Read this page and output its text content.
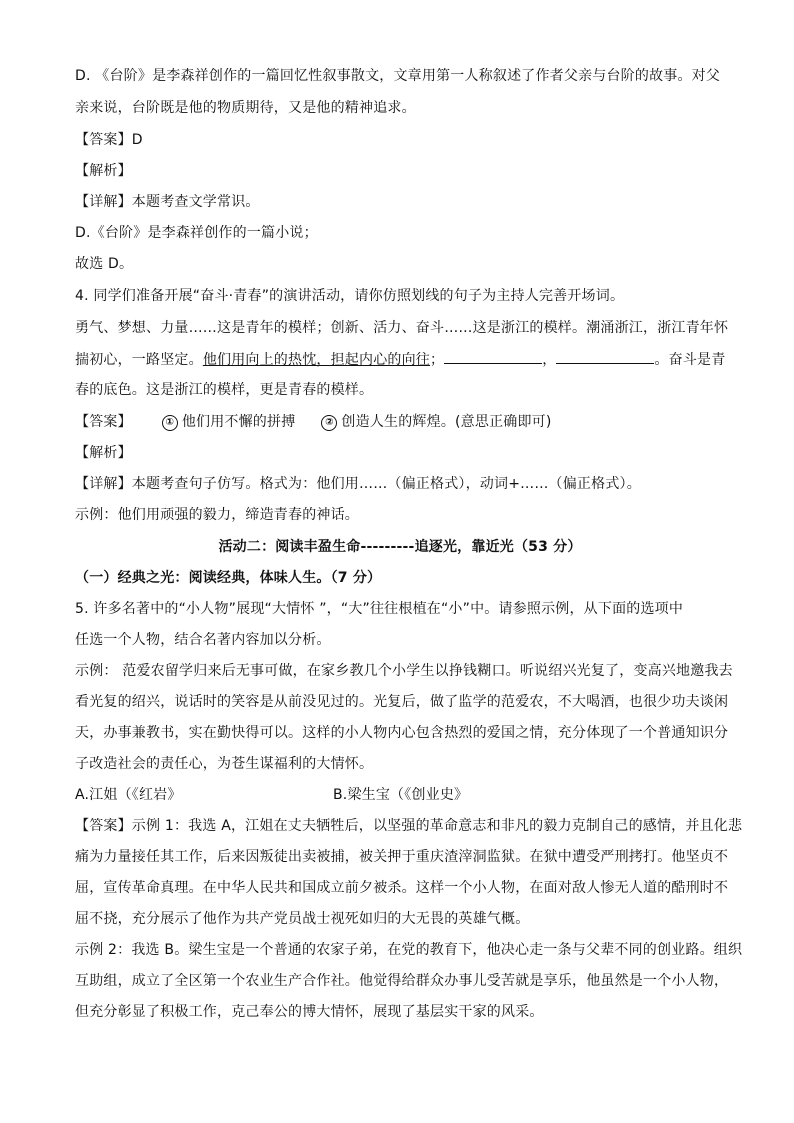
D. 《台阶》是李森祥创作的一篇回忆性叙事散文，文章用第一人称叙述了作者父亲与台阶的故事。对父
亲来说，台阶既是他的物质期待，又是他的精神追求。
【答案】D
【解析】
【详解】本题考查文学常识。
D.《台阶》是李森祥创作的一篇小说；
故选 D。
4. 同学们准备开展“奋斗·青春”的演讲活动，请你仿照划线的句子为主持人完善开场词。
勇气、梦想、力量……这是青年的模样；创新、活力、奋斗……这是浙江的模样。潮涌浙江，浙江青年怀
揣初心，一路坚定。他们用向上的热忱，担起内心的向往；	，	。奋斗是青
春的底色。这是浙江的模样，更是青春的模样。
【答案】	① 他们用不懈的拼搏	② 创造人生的辉煌。(意思正确即可)
【解析】
【详解】本题考查句子仿写。格式为：他们用……（偏正格式），动词+……（偏正格式）。
示例：他们用顽强的毅力，缔造青春的神话。
活动二：阅读丰盈生命---------追逐光，靠近光（53 分）
（一）经典之光：阅读经典，体味人生。（7 分）
5. 许多名著中的“小人物”展现“大情怀 ”，“大”往往根植在“小”中。请参照示例，从下面的选项中
任选一个人物，结合名著内容加以分析。
示例： 范爱农留学归来后无事可做，在家乡教几个小学生以挣钱糊口。听说绍兴光复了，变高兴地邀我去
看光复的绍兴，说话时的笑容是从前没见过的。光复后，做了监学的范爱农，不大喝酒，也很少功夫谈闲
天，办事兼教书，实在勤快得可以。这样的小人物内心包含热烈的爱国之情，充分体现了一个普通知识分
子改造社会的责任心，为苍生谋福利的大情怀。
A.江姐（《红岩》	B.梁生宝（《创业史》
【答案】示例 1：我选 A，江姐在丈夫牺牲后，以坚强的革命意志和非凡的毅力克制自己的感情，并且化悲
痛为力量接任其工作，后来因叛徒出卖被捕，被关押于重庆渣滓洞监狱。在狱中遭受严刑拷打。他坚贞不
屈，宣传革命真理。在中华人民共和国成立前夕被杀。这样一个小人物，在面对敌人惨无人道的酷刑时不
屈不挠，充分展示了他作为共产党员战士视死如归的大无畏的英雄气概。
示例 2：我选 B。梁生宝是一个普通的农家子弟，在党的教育下，他决心走一条与父辈不同的创业路。组织
互助组，成立了全区第一个农业生产合作社。他觉得给群众办事儿受苦就是享乐，他虽然是一个小人物，
但充分彰显了积极工作，克己奉公的博大情怀，展现了基层实干家的风采。
